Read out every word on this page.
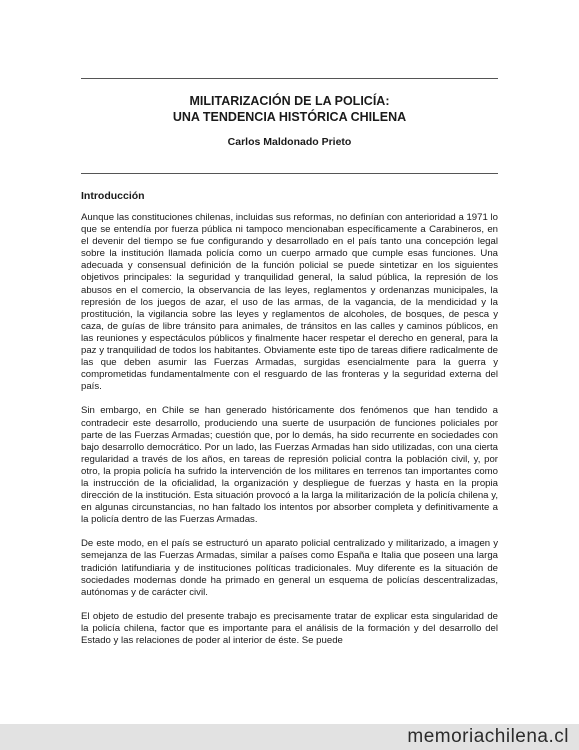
MILITARIZACIÓN DE LA POLICÍA:
UNA TENDENCIA HISTÓRICA CHILENA
Carlos Maldonado Prieto
Introducción

Aunque las constituciones chilenas, incluidas sus reformas, no definían con anterioridad a 1971 lo que se entendía por fuerza pública ni tampoco mencionaban específicamente a Carabineros, en el devenir del tiempo se fue configurando y desarrollado en el país tanto una concepción legal sobre la institución llamada policía como un cuerpo armado que cumple esas funciones. Una adecuada y consensual definición de la función policial se puede sintetizar en los siguientes objetivos principales: la seguridad y tranquilidad general, la salud pública, la represión de los abusos en el comercio, la observancia de las leyes, reglamentos y ordenanzas municipales, la represión de los juegos de azar, el uso de las armas, de la vagancia, de la mendicidad y la prostitución, la vigilancia sobre las leyes y reglamentos de alcoholes, de bosques, de pesca y caza, de guías de libre tránsito para animales, de tránsitos en las calles y caminos públicos, en las reuniones y espectáculos públicos y finalmente hacer respetar el derecho en general, para la paz y tranquilidad de todos los habitantes. Obviamente este tipo de tareas difiere radicalmente de las que deben asumir las Fuerzas Armadas, surgidas esencialmente para la guerra y comprometidas fundamentalmente con el resguardo de las fronteras y la seguridad externa del país.

Sin embargo, en Chile se han generado históricamente dos fenómenos que han tendido a contradecir este desarrollo, produciendo una suerte de usurpación de funciones policiales por parte de las Fuerzas Armadas; cuestión que, por lo demás, ha sido recurrente en sociedades con bajo desarrollo democrático. Por un lado, las Fuerzas Armadas han sido utilizadas, con una cierta regularidad a través de los años, en tareas de represión policial contra la población civil, y, por otro, la propia policía ha sufrido la intervención de los militares en terrenos tan importantes como la instrucción de la oficialidad, la organización y despliegue de fuerzas y hasta en la propia dirección de la institución. Esta situación provocó a la larga la militarización de la policía chilena y, en algunas circunstancias, no han faltado los intentos por absorber completa y definitivamente a la policía dentro de las Fuerzas Armadas.

De este modo, en el país se estructuró un aparato policial centralizado y militarizado, a imagen y semejanza de las Fuerzas Armadas, similar a países como España e Italia que poseen una larga tradición latifundiaria y de instituciones políticas tradicionales. Muy diferente es la situación de sociedades modernas donde ha primado en general un esquema de policías descentralizadas, autónomas y de carácter civil.

El objeto de estudio del presente trabajo es precisamente tratar de explicar esta singularidad de la policía chilena, factor que es importante para el análisis de la formación y del desarrollo del Estado y las relaciones de poder al interior de éste. Se puede

memoriachilena.cl
